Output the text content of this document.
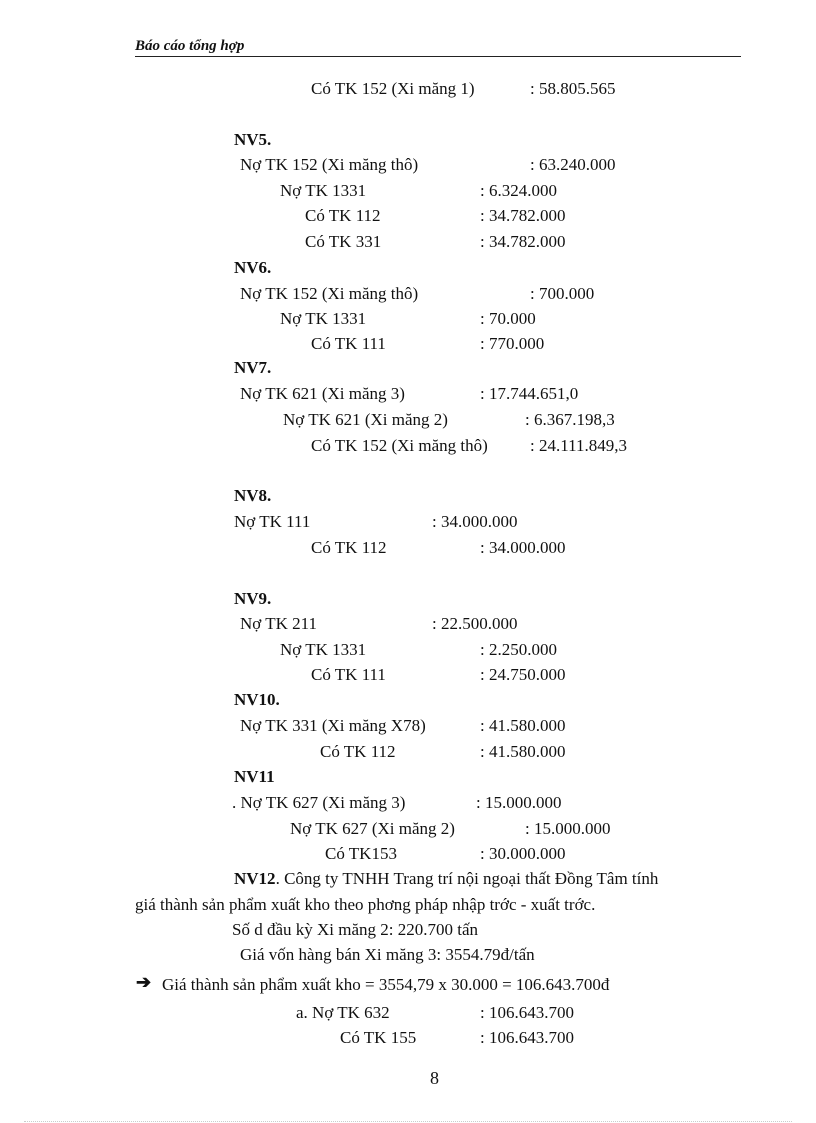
Báo cáo tổng hợp
Có TK 152 (Xi măng 1)	: 58.805.565
NV5.
Nợ TK 152 (Xi măng thô)	: 63.240.000
Nợ TK 1331	: 6.324.000
Có TK 112	: 34.782.000
Có TK 331	: 34.782.000
NV6.
Nợ TK 152 (Xi măng thô)	: 700.000
Nợ TK 1331	: 70.000
Có TK 111	: 770.000
NV7.
Nợ TK 621 (Xi măng 3)	: 17.744.651,0
Nợ TK 621 (Xi măng 2)	: 6.367.198,3
Có TK 152 (Xi măng thô) : 24.111.849,3
NV8.
Nợ TK 111	: 34.000.000
Có TK 112	: 34.000.000
NV9.
Nợ TK 211	: 22.500.000
Nợ TK 1331	: 2.250.000
Có TK 111	: 24.750.000
NV10.
Nợ TK 331 (Xi măng X78)	: 41.580.000
Có TK 112	: 41.580.000
NV11
. Nợ TK 627 (Xi măng 3)	: 15.000.000
Nợ TK 627 (Xi măng 2)	: 15.000.000
Có TK153	: 30.000.000
NV12. Công ty TNHH Trang trí nội ngoại thất Đồng Tâm tính
giá thành sản phẩm xuất kho theo phơng pháp nhập trớc - xuất trớc.
Số d đầu kỳ Xi măng 2: 220.700 tấn
Giá vốn hàng bán Xi măng 3: 3554.79đ/tấn
➔ Giá thành sản phẩm xuất kho = 3554,79 x 30.000 = 106.643.700đ
a. Nợ TK 632	: 106.643.700
Có TK 155	: 106.643.700
8
